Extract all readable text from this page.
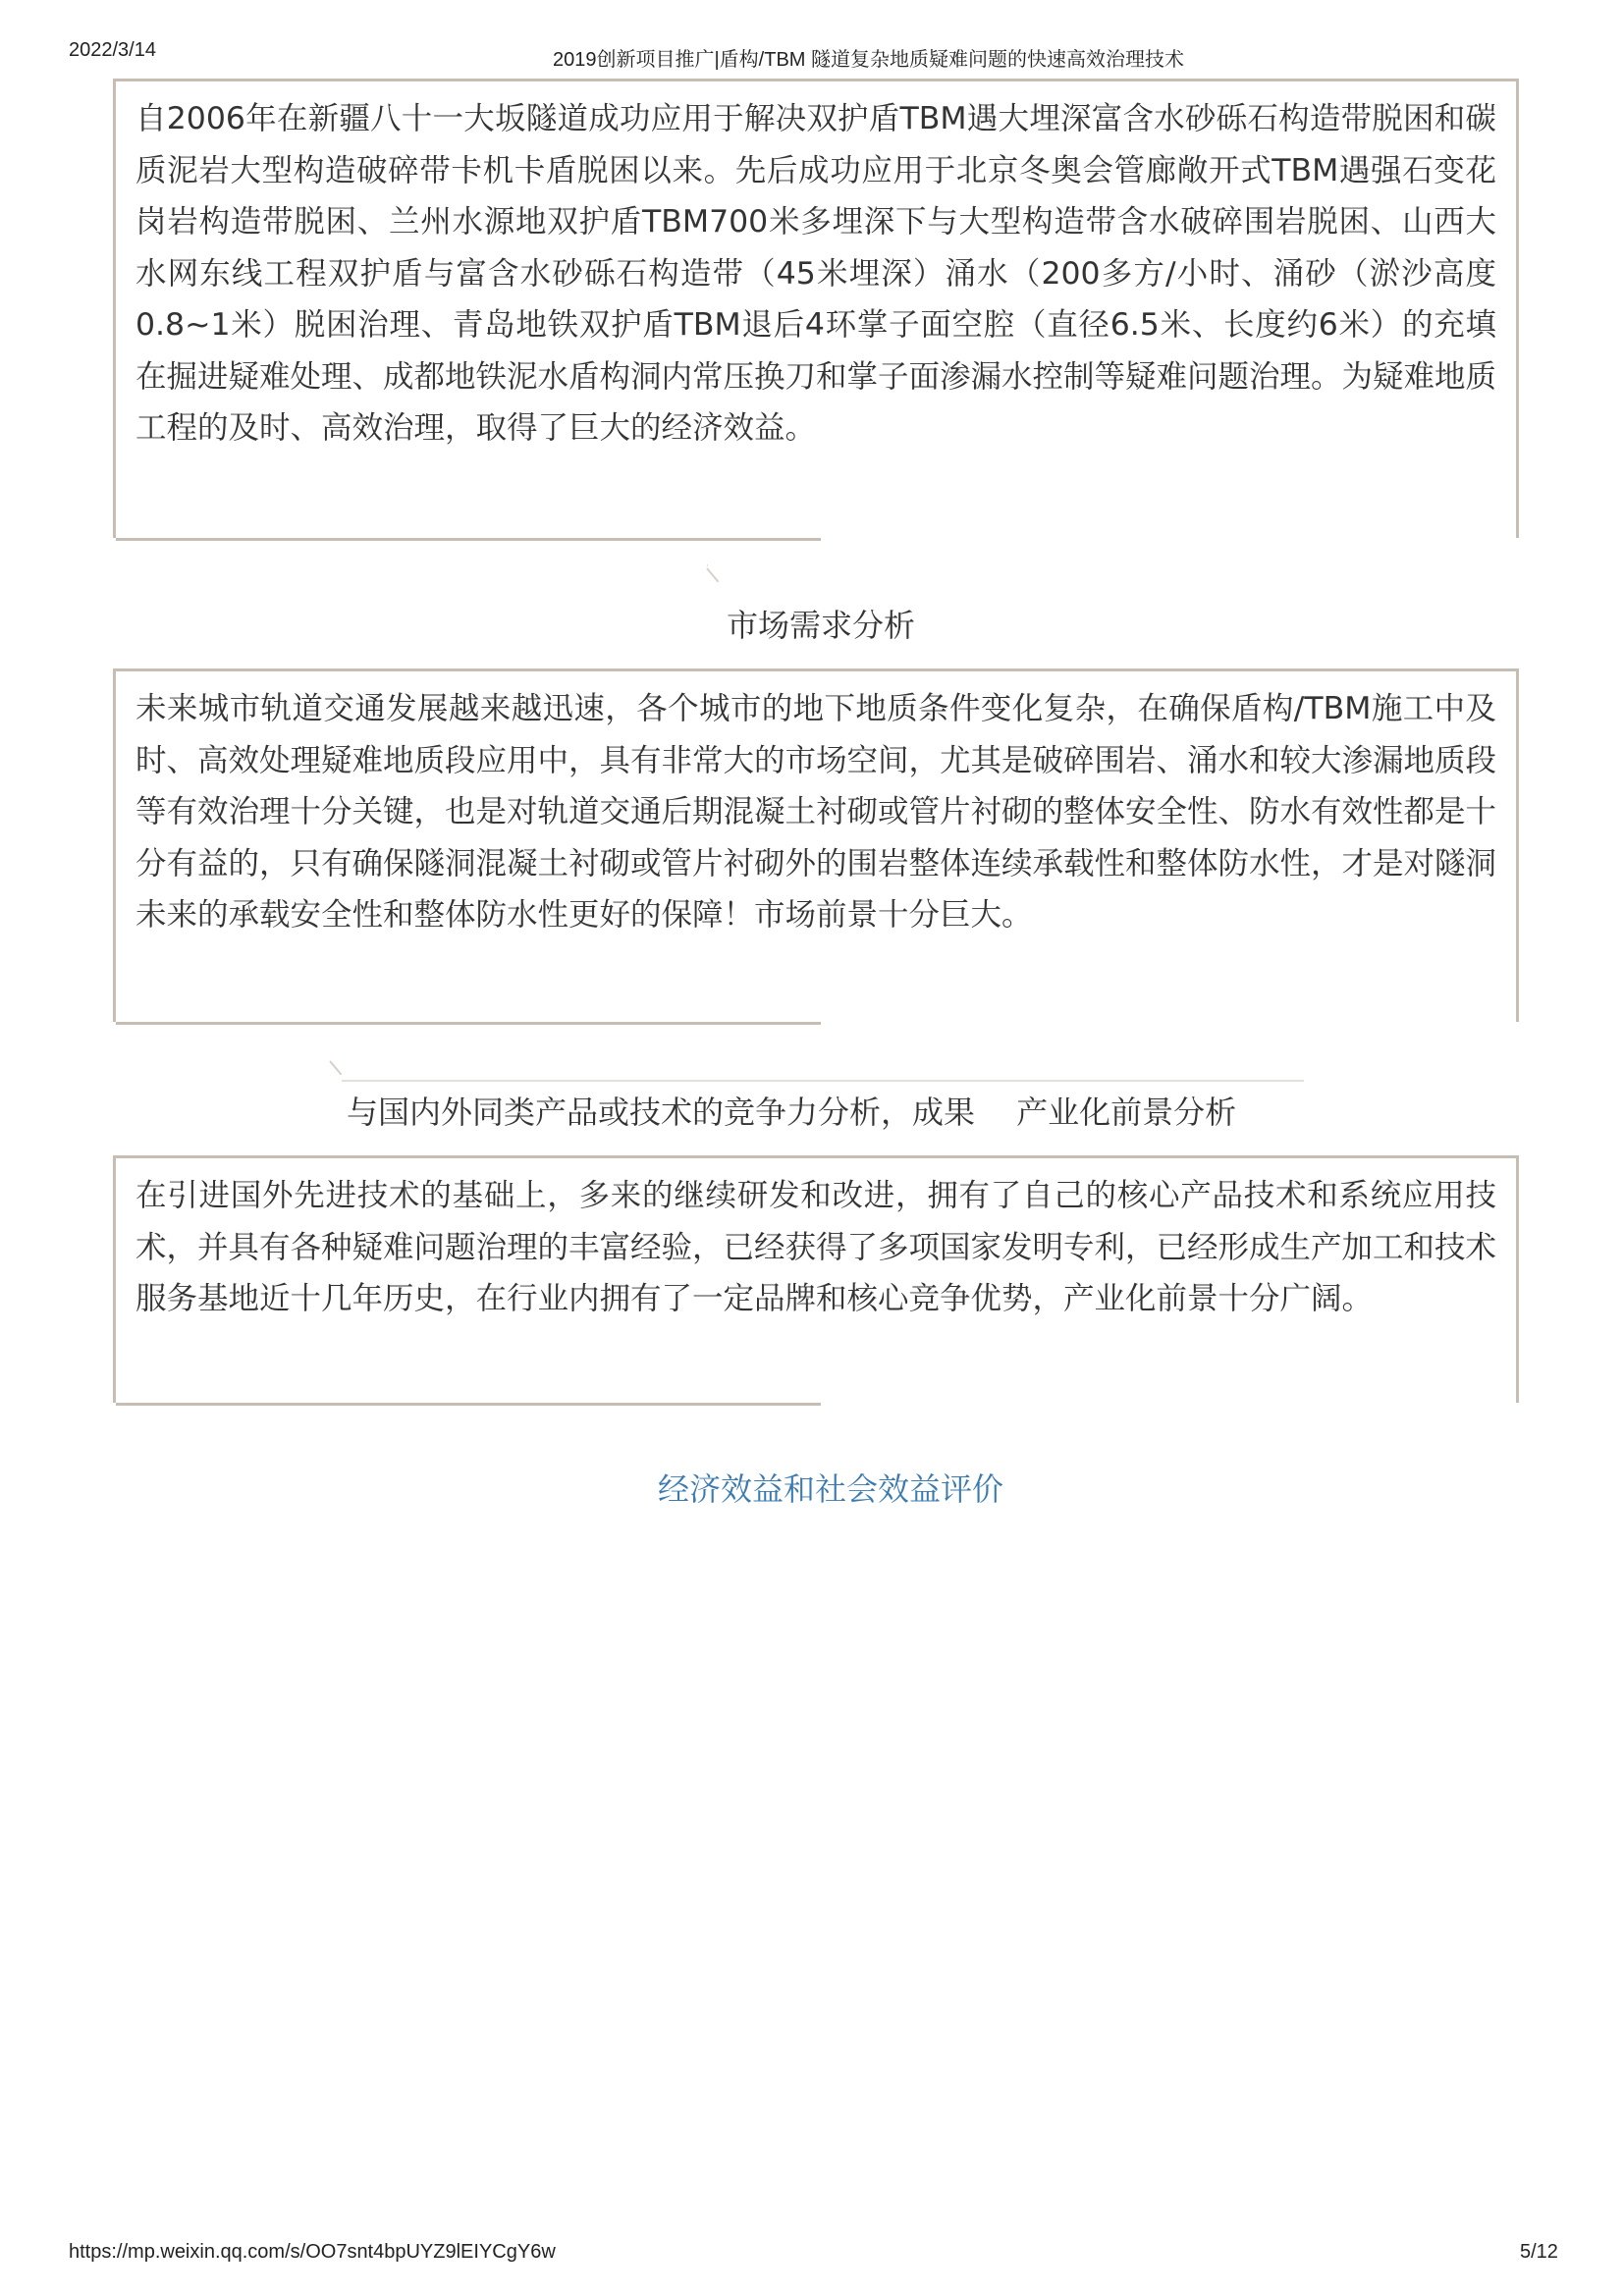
2022/3/14	2019创新项目推广|盾构/TBM 隧道复杂地质疑难问题的快速高效治理技术

自2006年在新疆八十一大坂隧道成功应用于解决双护盾TBM遇大埋深富含水砂砾石构造带脱困和碳质泥岩大型构造破碎带卡机卡盾脱困以来。先后成功应用于北京冬奥会管廊敞开式TBM遇强石变花岗岩构造带脱困、兰州水源地双护盾TBM700米多埋深下与大型构造带含水破碎围岩脱困、山西大水网东线工程双护盾与富含水砂砾石构造带（45米埋深）涌水（200多方/小时、涌砂（淤沙高度0.8~1米）脱困治理、青岛地铁双护盾TBM退后4环掌子面空腔（直径6.5米、长度约6米）的充填在掘进疑难处理、成都地铁泥水盾构洞内常压换刀和掌子面渗漏水控制等疑难问题治理。为疑难地质工程的及时、高效治理，取得了巨大的经济效益。

市场需求分析

未来城市轨道交通发展越来越迅速，各个城市的地下地质条件变化复杂，在确保盾构/TBM施工中及时、高效处理疑难地质段应用中，具有非常大的市场空间，尤其是破碎围岩、涌水和较大渗漏地质段等有效治理十分关键，也是对轨道交通后期混凝土衬砌或管片衬砌的整体安全性、防水有效性都是十分有益的，只有确保隧洞混凝土衬砌或管片衬砌外的围岩整体连续承载性和整体防水性，才是对隧洞未来的承载安全性和整体防水性更好的保障！市场前景十分巨大。

与国内外同类产品或技术的竞争力分析，成果　 产业化前景分析

在引进国外先进技术的基础上，多来的继续研发和改进，拥有了自己的核心产品技术和系统应用技术，并具有各种疑难问题治理的丰富经验，已经获得了多项国家发明专利，已经形成生产加工和技术服务基地近十几年历史，在行业内拥有了一定品牌和核心竞争优势，产业化前景十分广阔。

经济效益和社会效益评价
https://mp.weixin.qq.com/s/OO7snt4bpUYZ9lEIYCgY6w	5/12
